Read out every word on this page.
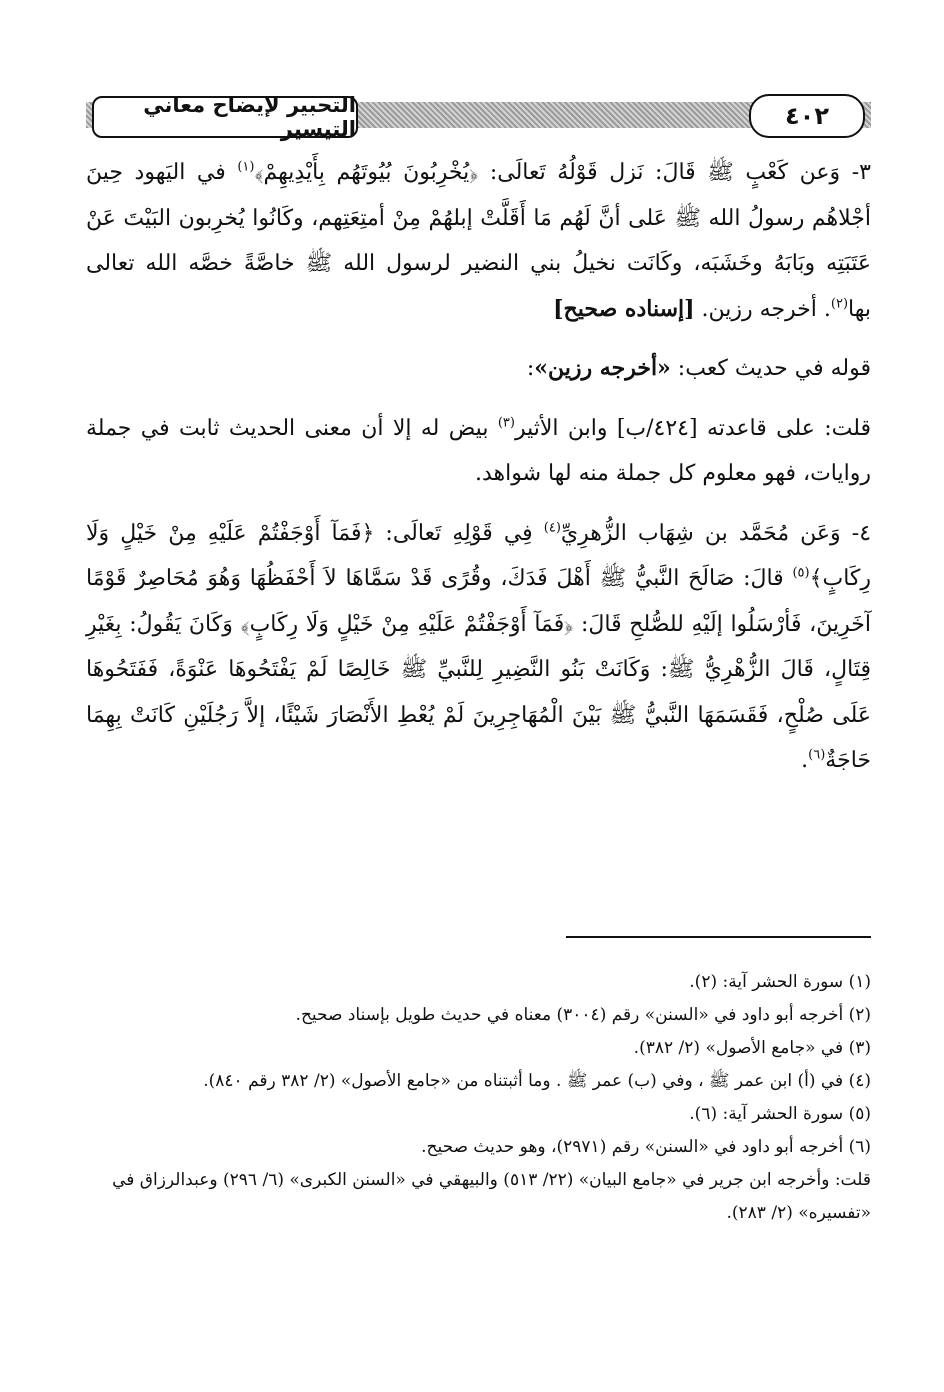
التحبير لإيضاح معاني التيسير	٤٠٢

٣- وَعن كَعْبٍ ﷺ قَالَ: نَزل قَوْلُهُ تَعالَى: ﴿يُخْرِبُونَ بُيُوتَهُم بِأَيْدِيهِمْ﴾$^{(١)}$ في اليَهود حِينَ أجْلاهُم رسولُ الله ﷺ عَلى أنَّ لَهُم مَا أَقَلَّتْ إبلهُمْ مِنْ أمتِعَتِهم، وكَانُوا يُخرِبون البَيْتَ عَنْ عَتَبَتِه وبَابَهُ وخَشَبَه، وكَانَت نخيلُ بني النضير لرسول الله ﷺ خاصَّةً خصَّه الله تعالى بها$^{(٢)}$. أخرجه رزين. [إسناده صحيح]

قوله في حديث كعب: «أخرجه رزين»:

قلت: على قاعدته [٤٢٤/ب] وابن الأثير$^{(٣)}$ بيض له إلا أن معنى الحديث ثابت في جملة روايات، فهو معلوم كل جملة منه لها شواهد.

٤- وَعَن مُحَمَّد بن شِهَاب الزُّهرِيِّ$^{(٤)}$ فِي قَوْلِهِ تَعالَى: ﴿فَمَآ أَوْجَفْتُمْ عَلَيْهِ مِنْ خَيْلٍ وَلَا رِكَابٍ﴾$^{(٥)}$ قالَ: صَالَحَ النَّبيُّ ﷺ أَهْلَ فَدَكَ، وقُرًى قَدْ سَمَّاهَا لاَ أَحْفَظُهَا وَهُوَ مُحَاصِرٌ قَوْمًا آخَرِينَ، فَأرْسَلُوا إلَيْهِ للصُّلحِ قَالَ: ﴿فَمَآ أَوْجَفْتُمْ عَلَيْهِ مِنْ خَيْلٍ وَلَا رِكَابٍ﴾ وَكَانَ يَقُولُ: بِغَيْرِ قِتَالٍ، قَالَ الزُّهْرِيُّ ﷺ: وَكَانَتْ بَنُو النَّضِيرِ لِلنَّبيِّ ﷺ خَالِصًا لَمْ يَفْتَحُوهَا عَنْوَةً، فَفَتَحُوهَا عَلَى صُلْحٍ، فَقَسَمَهَا النَّبيُّ ﷺ بَيْنَ الْمُهَاجِرِينَ لَمْ يُعْطِ الأَنْصَارَ شَيْئًا، إلاَّ رَجُلَيْنِ كَانَتْ بِهِمَا حَاجَةٌ$^{(٦)}$.

(١) سورة الحشر آية: (٢).

(٢) أخرجه أبو داود في «السنن» رقم (٣٠٠٤) معناه في حديث طويل بإسناد صحيح.

(٣) في «جامع الأصول» (٢/ ٣٨٢).

(٤) في (أ) ابن عمر ﷺ ، وفي (ب) عمر ﷺ . وما أثبتناه من «جامع الأصول» (٢/ ٣٨٢ رقم ٨٤٠).

(٥) سورة الحشر آية: (٦).

(٦) أخرجه أبو داود في «السنن» رقم (٢٩٧١)، وهو حديث صحيح.

قلت: وأخرجه ابن جرير في «جامع البيان» (٢٢/ ٥١٣) والبيهقي في «السنن الكبرى» (٦/ ٢٩٦) وعبدالرزاق في «تفسيره» (٢/ ٢٨٣).
